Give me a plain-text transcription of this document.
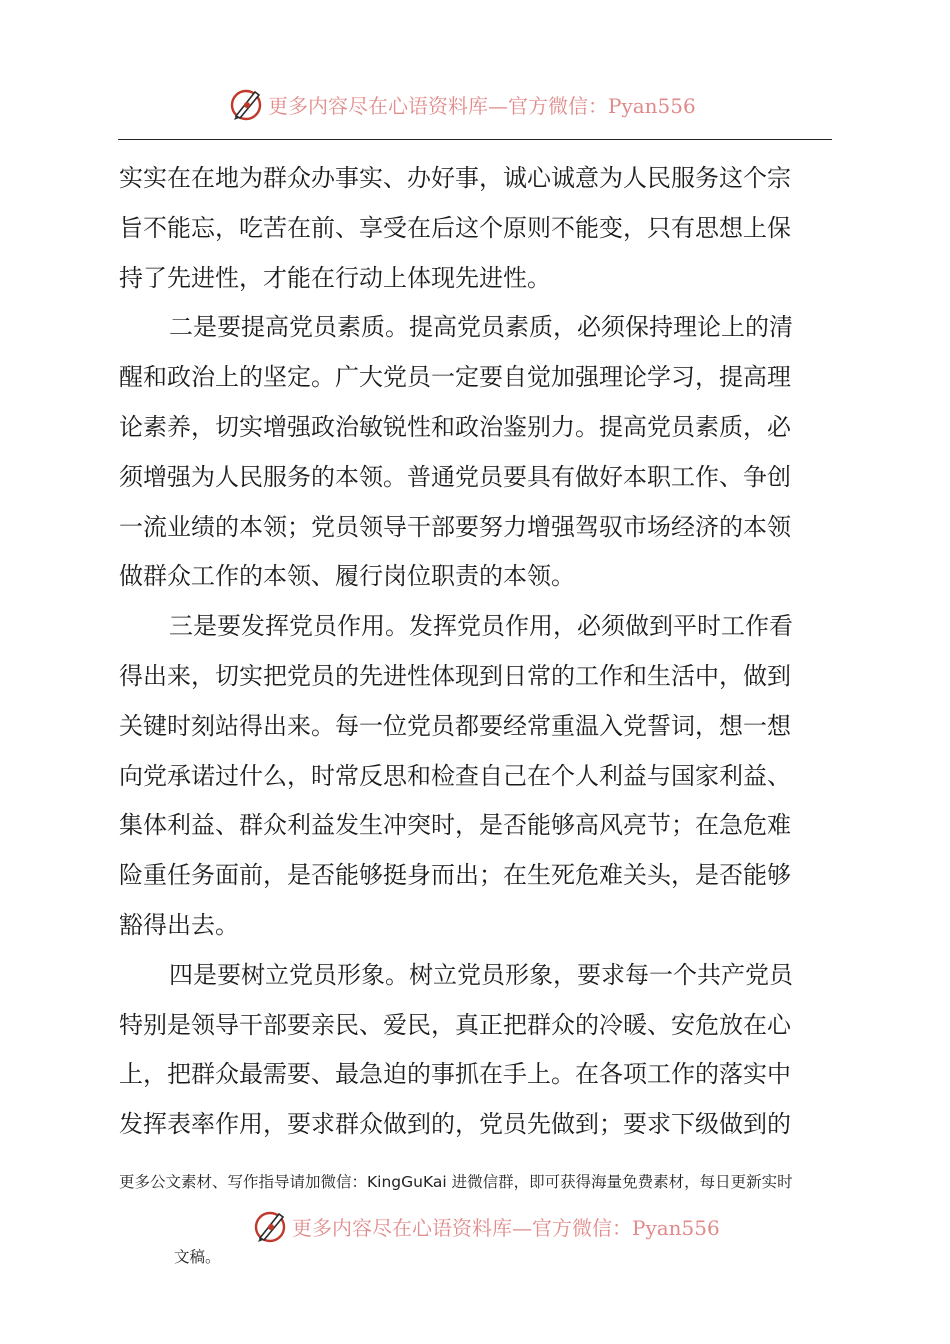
更多内容尽在心语资料库—官方微信：Pyan556
实实在在地为群众办事实、办好事，诚心诚意为人民服务这个宗
旨不能忘，吃苦在前、享受在后这个原则不能变，只有思想上保
持了先进性，才能在行动上体现先进性。
二是要提高党员素质。提高党员素质，必须保持理论上的清
醒和政治上的坚定。广大党员一定要自觉加强理论学习，提高理
论素养，切实增强政治敏锐性和政治鉴别力。提高党员素质，必
须增强为人民服务的本领。普通党员要具有做好本职工作、争创
一流业绩的本领；党员领导干部要努力增强驾驭市场经济的本领
做群众工作的本领、履行岗位职责的本领。
三是要发挥党员作用。发挥党员作用，必须做到平时工作看
得出来，切实把党员的先进性体现到日常的工作和生活中，做到
关键时刻站得出来。每一位党员都要经常重温入党誓词，想一想
向党承诺过什么，时常反思和检查自己在个人利益与国家利益、
集体利益、群众利益发生冲突时，是否能够高风亮节；在急危难
险重任务面前，是否能够挺身而出；在生死危难关头，是否能够
豁得出去。
四是要树立党员形象。树立党员形象，要求每一个共产党员
特别是领导干部要亲民、爱民，真正把群众的冷暖、安危放在心
上，把群众最需要、最急迫的事抓在手上。在各项工作的落实中
发挥表率作用，要求群众做到的，党员先做到；要求下级做到的
更多公文素材、写作指导请加微信：KingGuKai 进微信群，即可获得海量免费素材，每日更新实时
更多内容尽在心语资料库—官方微信：Pyan556
文稿。
